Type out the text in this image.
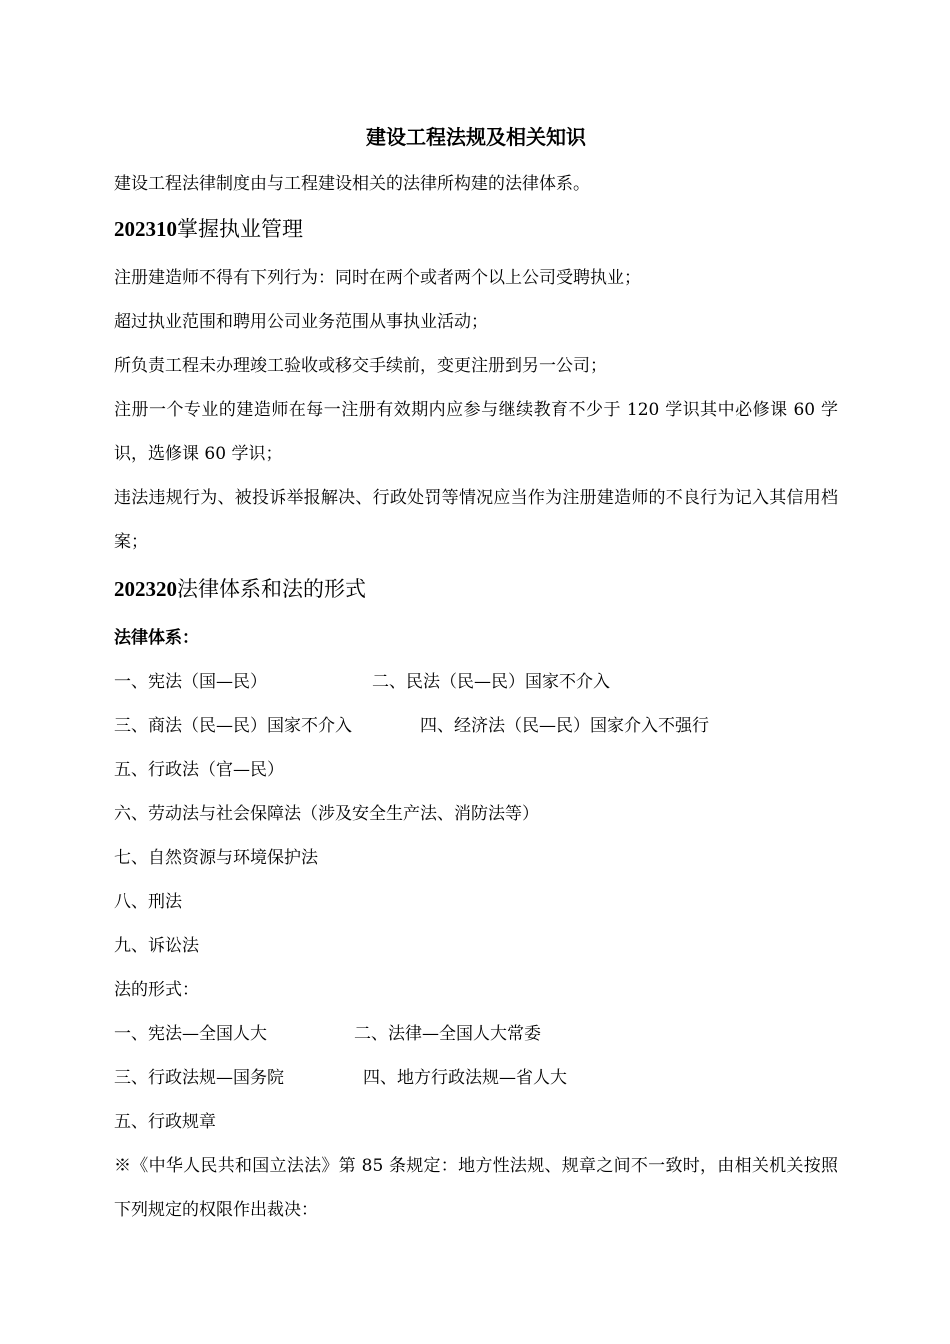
建设工程法规及相关知识

建设工程法律制度由与工程建设相关的法律所构建的法律体系。

202310掌握执业管理

注册建造师不得有下列行为：同时在两个或者两个以上公司受聘执业；

超过执业范围和聘用公司业务范围从事执业活动；

所负责工程未办理竣工验收或移交手续前，变更注册到另一公司；

注册一个专业的建造师在每一注册有效期内应参与继续教育不少于 120 学识其中必修课 60 学识，选修课 60 学识；

违法违规行为、被投诉举报解决、行政处罚等情况应当作为注册建造师的不良行为记入其信用档案；

202320法律体系和法的形式

法律体系：

一、宪法（国—民）	二、民法（民—民）国家不介入
三、商法（民—民）国家不介入	四、经济法（民—民）国家介入不强行
五、行政法（官—民）
六、劳动法与社会保障法（涉及安全生产法、消防法等）
七、自然资源与环境保护法
八、刑法
九、诉讼法

法的形式：

一、宪法—全国人大	二、法律—全国人大常委
三、行政法规—国务院	四、地方行政法规—省人大
五、行政规章

※《中华人民共和国立法法》第 85 条规定：地方性法规、规章之间不一致时，由相关机关按照下列规定的权限作出裁决：
